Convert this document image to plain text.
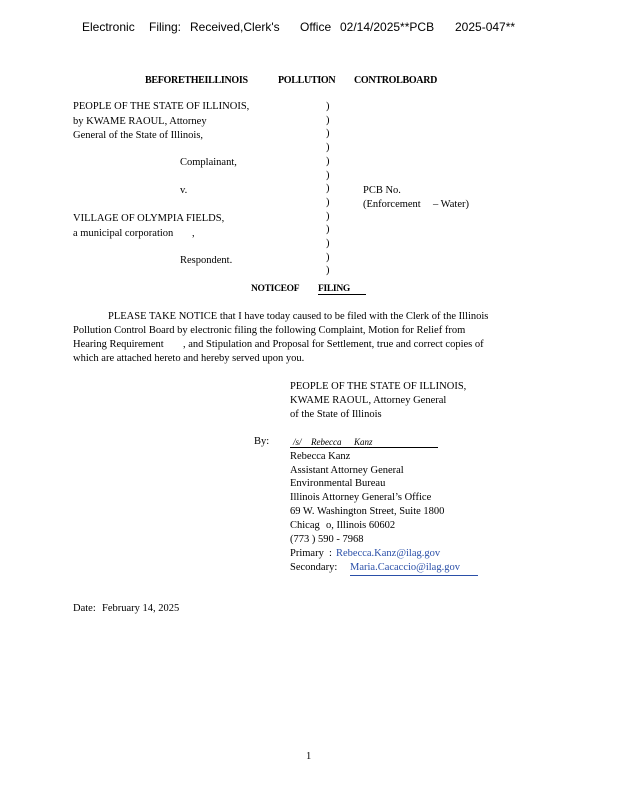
Electronic Filing: Received,Clerk's Office 02/14/2025**PCB 2025-047**
BEFORETHEILLINOIS	POLLUTION CONTROLBOARD
PEOPLE OF THE STATE OF ILLINOIS,
by KWAME RAOUL, Attorney
General of the State of Illinois,
Complainant,
v.
VILLAGE OF OLYMPIA FIELDS,
a municipal corporation ,
Respondent.
)
)
)
)
)
)
)
)
)
)
)
)
)
PCB No.
(Enforcement – Water)
NOTICEOF FILING
PLEASE TAKE NOTICE that I have today caused to be filed with the Clerk of the Illinois
Pollution Control Board by electronic filing the following Complaint, Motion for Relief from
Hearing Requirement , and Stipulation and Proposal for Settlement, true and correct copies of
which are attached hereto and hereby served upon you.
PEOPLE OF THE STATE OF ILLINOIS,
KWAME RAOUL, Attorney General
of the State of Illinois
By:	/s/ Rebecca Kanz
Rebecca Kanz
Assistant Attorney General
Environmental Bureau
Illinois Attorney General’s Office
69 W. Washington Street, Suite 1800
Chicag o, Illinois 60602
(773 ) 590 - 7968
Primary : Rebecca.Kanz@ilag.gov
Secondary: Maria.Cacaccio@ilag.gov
Date: February 14, 2025
1
